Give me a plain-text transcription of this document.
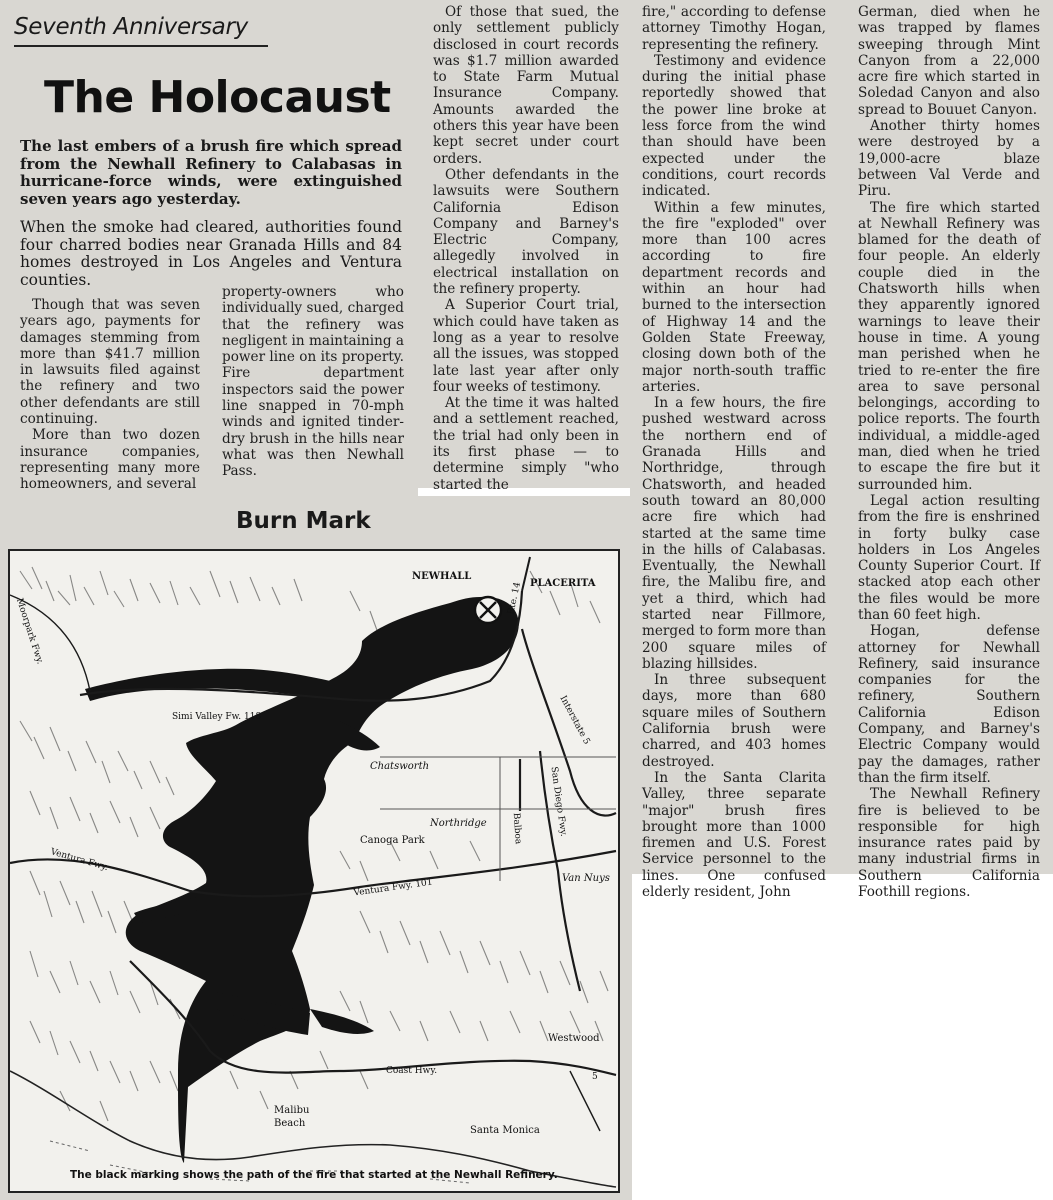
Seventh Anniversary
The Holocaust
The last embers of a brush fire which spread from the Newhall Refinery to Calabasas in hurricane-force winds, were extinguished seven years ago yesterday.
When the smoke had cleared, authorities found four charred bodies near Granada Hills and 84 homes destroyed in Los Angeles and Ventura counties.

Though that was seven years ago, payments for damages stemming from more than $41.7 million in lawsuits filed against the refinery and two other defendants are still continuing.

More than two dozen insurance companies, representing many more homeowners, and several

property-owners who individually sued, charged that the refinery was negligent in maintaining a power line on its property. Fire department inspectors said the power line snapped in 70-mph winds and ignited tinder-dry brush in the hills near what was then Newhall Pass.

Of those that sued, the only settlement publicly disclosed in court records was $1.7 million awarded to State Farm Mutual Insurance Company. Amounts awarded the others this year have been kept secret under court orders.

Other defendants in the lawsuits were Southern California Edison Company and Barney's Electric Company, allegedly involved in electrical installation on the refinery property.

A Superior Court trial, which could have taken as long as a year to resolve all the issues, was stopped late last year after only four weeks of testimony.

At the time it was halted and a settlement reached, the trial had only been in its first phase — to determine simply "who started the

fire," according to defense attorney Timothy Hogan, representing the refinery.

Testimony and evidence during the initial phase reportedly showed that the power line broke at less force from the wind than should have been expected under the conditions, court records indicated.

Within a few minutes, the fire "exploded" over more than 100 acres according to fire department records and within an hour had burned to the intersection of Highway 14 and the Golden State Freeway, closing down both of the major north-south traffic arteries.

In a few hours, the fire pushed westward across the northern end of Granada Hills and Northridge, through Chatsworth, and headed south toward an 80,000 acre fire which had started at the same time in the hills of Calabasas. Eventually, the Newhall fire, the Malibu fire, and yet a third, which had started near Fillmore, merged to form more than 200 square miles of blazing hillsides.

In three subsequent days, more than 680 square miles of Southern California brush were charred, and 403 homes destroyed.

In the Santa Clarita Valley, three separate "major" brush fires brought more than 1000 firemen and U.S. Forest Service personnel to the lines. One confused elderly resident, John

German, died when he was trapped by flames sweeping through Mint Canyon from a 22,000 acre fire which started in Soledad Canyon and also spread to Bouuet Canyon.

Another thirty homes were destroyed by a 19,000-acre blaze between Val Verde and Piru.

The fire which started at Newhall Refinery was blamed for the death of four people. An elderly couple died in the Chatsworth hills when they apparently ignored warnings to leave their house in time. A young man perished when he tried to re-enter the fire area to save personal belongings, according to police reports. The fourth individual, a middle-aged man, died when he tried to escape the fire but it surrounded him.

Legal action resulting from the fire is enshrined in forty bulky case holders in Los Angeles County Superior Court. If stacked atop each other the files would be more than 60 feet high.

Hogan, defense attorney for Newhall Refinery, said insurance companies for the refinery, Southern California Edison Company, and Barney's Electric Company would pay the damages, rather than the firm itself.

The Newhall Refinery fire is believed to be responsible for high insurance rates paid by many industrial firms in Southern California Foothill regions.

Burn Mark
NEWHALL
PLACERITA
Moorpark Fwy.	Rte. 14
Simi Valley Fw. 118	Interstate 5
Chatsworth	San Diego Fwy.
Northridge
Canoga Park	Balboa
Ventura Fwy.
Ventura Fwy. 101	Van Nuys
Westwood
Coast Hwy.
Malibu
Beach
Santa Monica
5
The black marking shows the path of the fire that started at the Newhall Refinery.
